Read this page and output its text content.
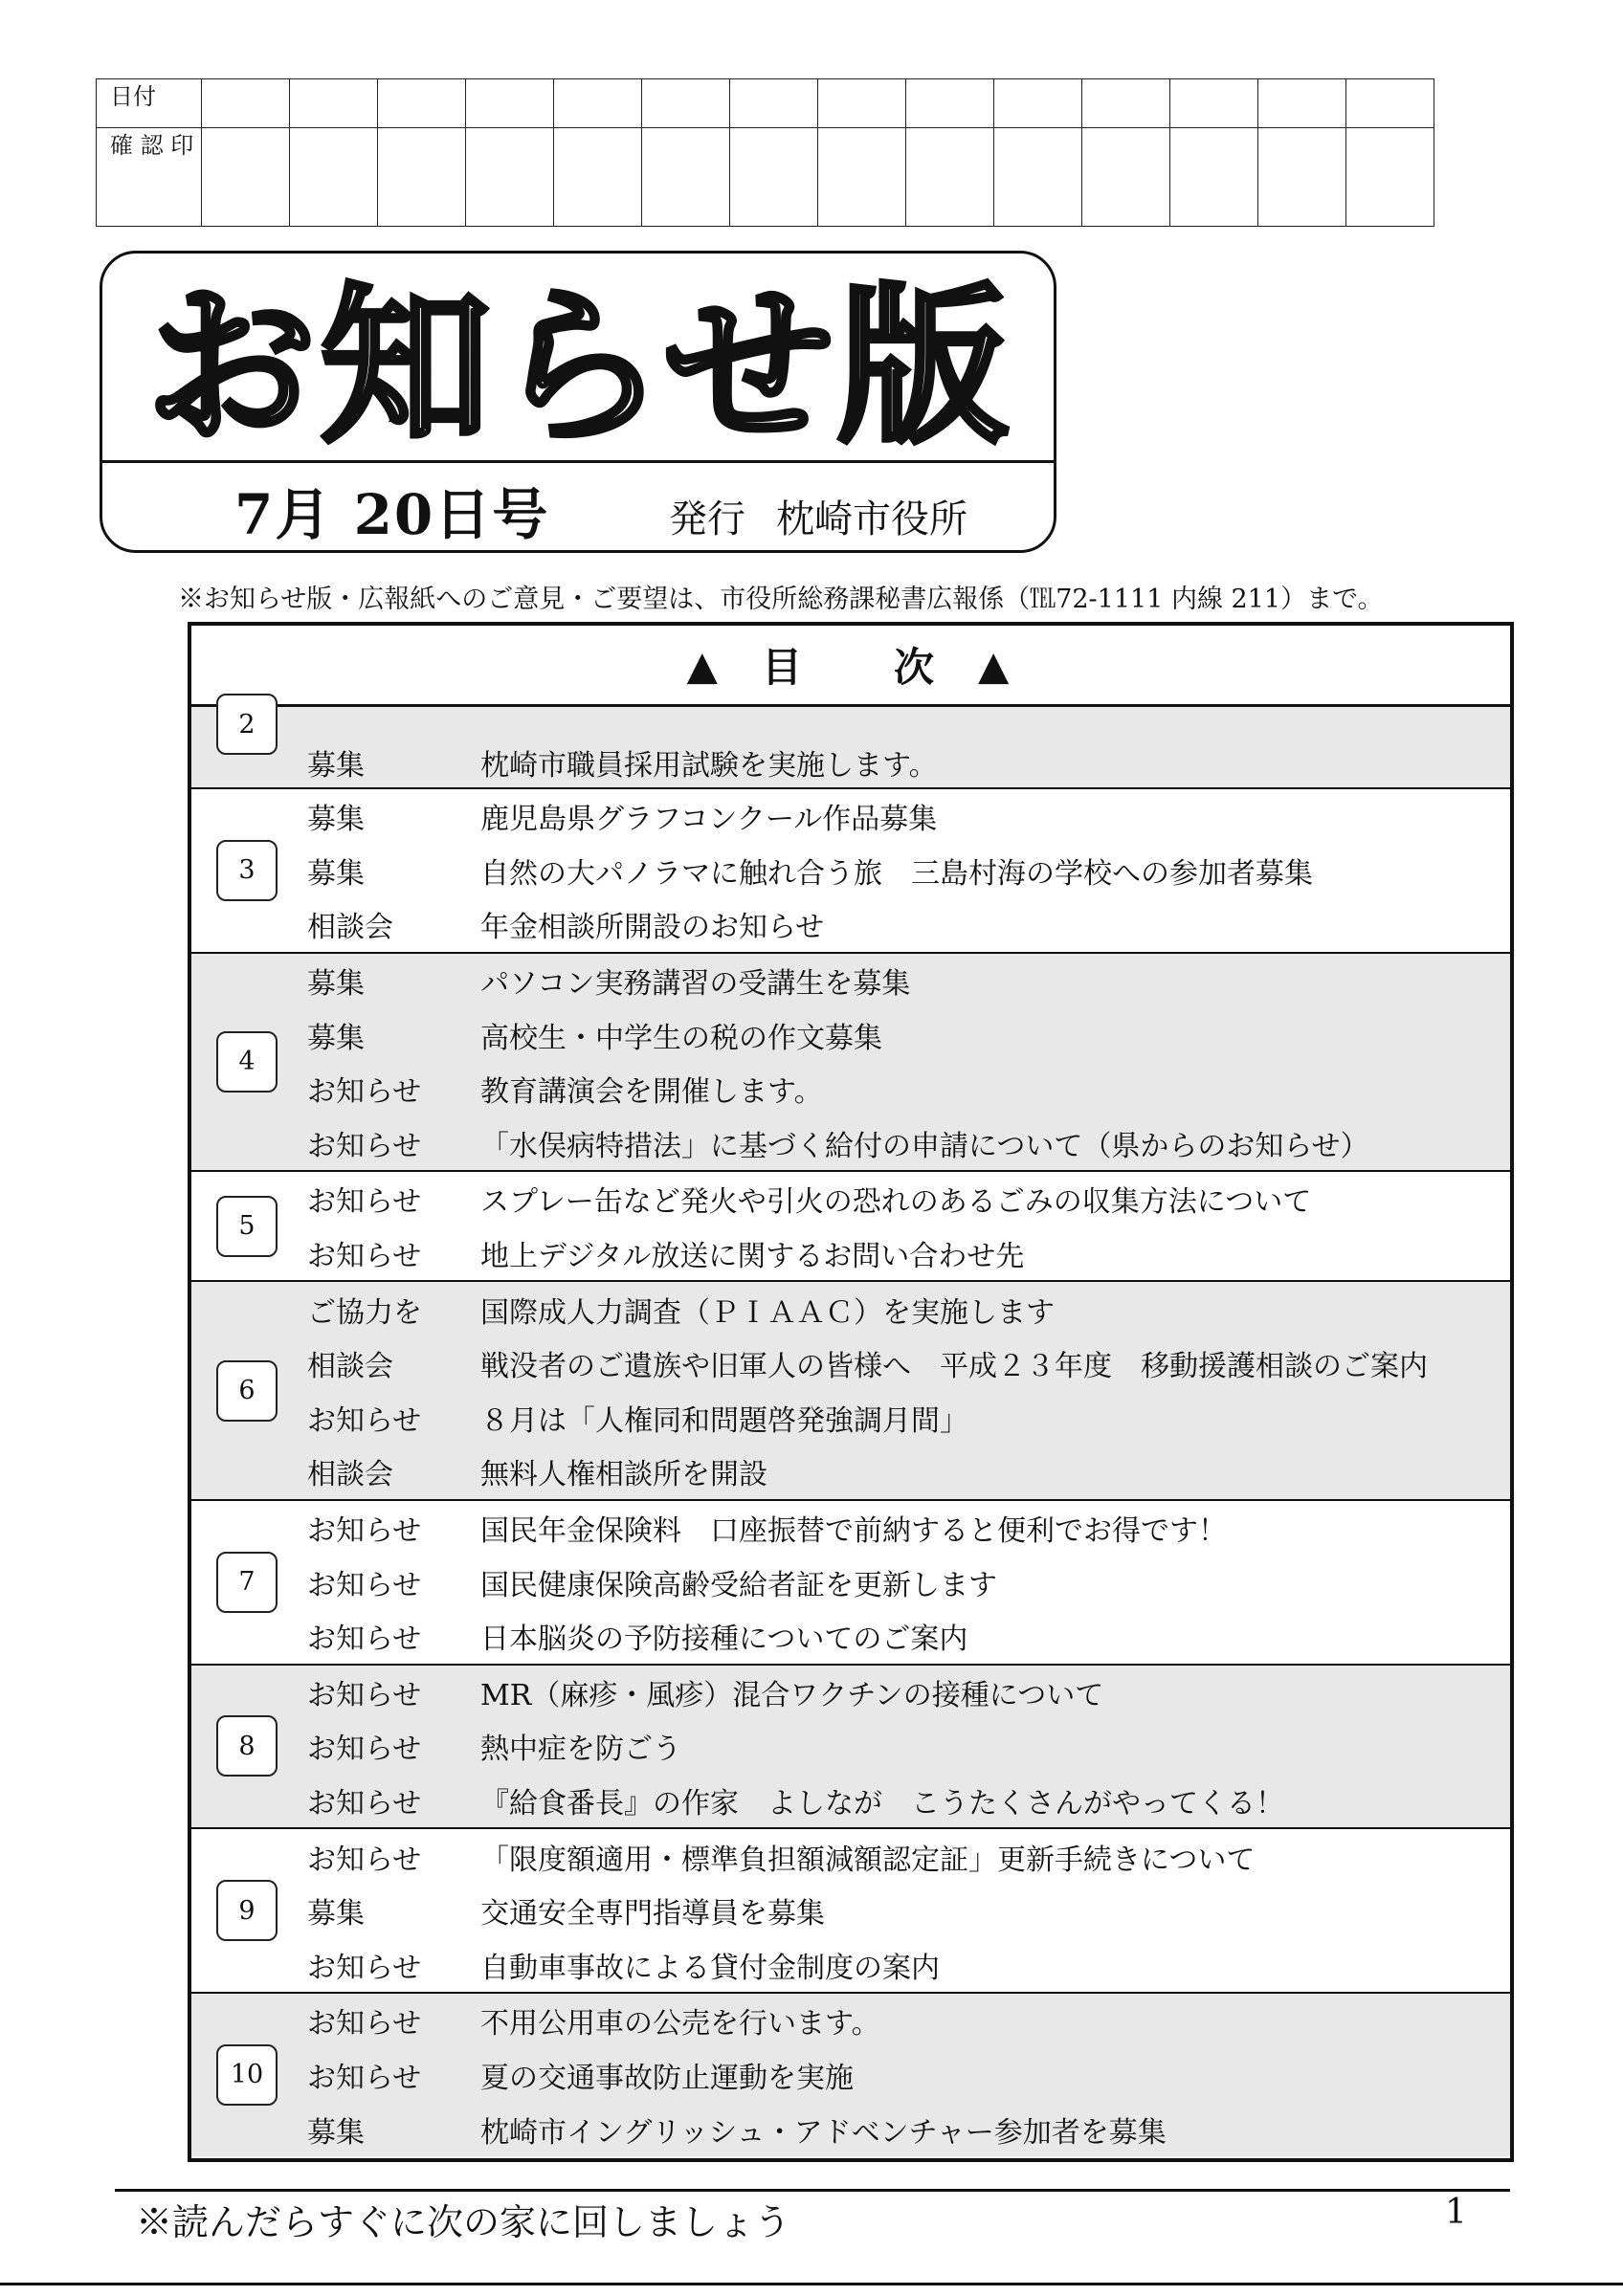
日付														
確 認 印														
お知らせ版
7月 20日号	発行 枕崎市役所
※お知らせ版・広報紙へのご意見・ご要望は、市役所総務課秘書広報係（℡72-1111 内線 211）まで。
▲ 目 次 ▲
2
募集	枕崎市職員採用試験を実施します。
3
募集	鹿児島県グラフコンクール作品募集
募集	自然の大パノラマに触れ合う旅　三島村海の学校への参加者募集
相談会	年金相談所開設のお知らせ
4
募集	パソコン実務講習の受講生を募集
募集	高校生・中学生の税の作文募集
お知らせ 教育講演会を開催します。
お知らせ 「水俣病特措法」に基づく給付の申請について（県からのお知らせ）
5
お知らせ スプレー缶など発火や引火の恐れのあるごみの収集方法について
お知らせ 地上デジタル放送に関するお問い合わせ先
6
ご協力を 国際成人力調査（ＰＩＡＡＣ）を実施します
相談会	戦没者のご遺族や旧軍人の皆様へ　平成２３年度　移動援護相談のご案内
お知らせ ８月は「人権同和問題啓発強調月間」
相談会	無料人権相談所を開設
7
お知らせ 国民年金保険料　口座振替で前納すると便利でお得です！
お知らせ 国民健康保険高齢受給者証を更新します
お知らせ 日本脳炎の予防接種についてのご案内
8
お知らせ MR（麻疹・風疹）混合ワクチンの接種について
お知らせ 熱中症を防ごう
お知らせ 『給食番長』の作家　よしなが　こうたくさんがやってくる！
9
お知らせ 「限度額適用・標準負担額減額認定証」更新手続きについて
募集	交通安全専門指導員を募集
お知らせ 自動車事故による貸付金制度の案内
10
お知らせ 不用公用車の公売を行います。
お知らせ 夏の交通事故防止運動を実施
募集	枕崎市イングリッシュ・アドベンチャー参加者を募集
※読んだらすぐに次の家に回しましょう	1
